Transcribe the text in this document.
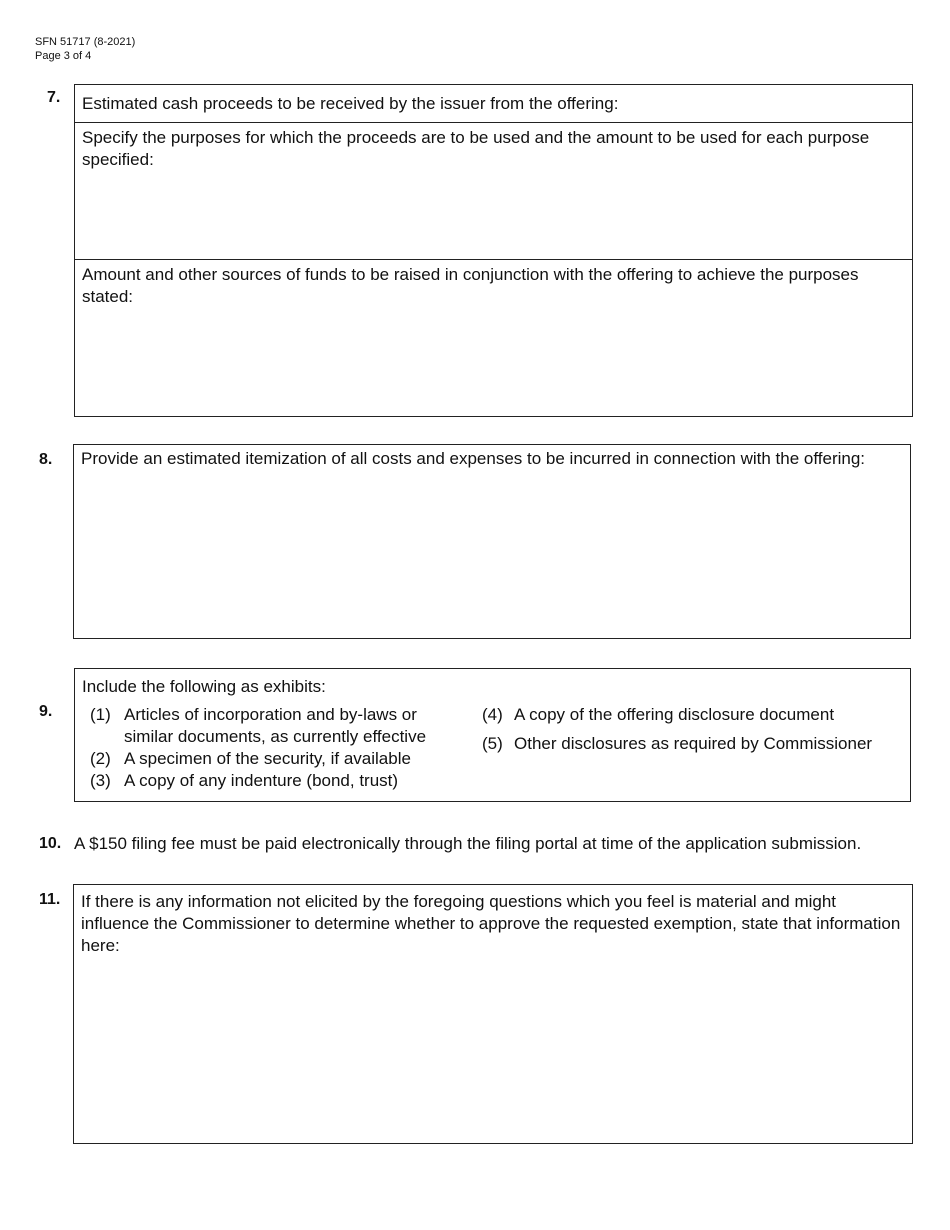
SFN 51717 (8-2021)
Page 3 of 4
7.	Estimated cash proceeds to be received by the issuer from the offering:
Specify the purposes for which the proceeds are to be used and the amount to be used for each purpose specified:
Amount and other sources of funds to be raised in conjunction with the offering to achieve the purposes stated:
8.	Provide an estimated itemization of all costs and expenses to be incurred in connection with the offering:
9.
Include the following as exhibits:
(1) Articles of incorporation and by-laws or similar documents, as currently effective
(2) A specimen of the security, if available
(3) A copy of any indenture (bond, trust)
(4) A copy of the offering disclosure document
(5) Other disclosures as required by Commissioner
10. A $150 filing fee must be paid electronically through the filing portal at time of the application submission.
11.	If there is any information not elicited by the foregoing questions which you feel is material and might influence the Commissioner to determine whether to approve the requested exemption, state that information here:
